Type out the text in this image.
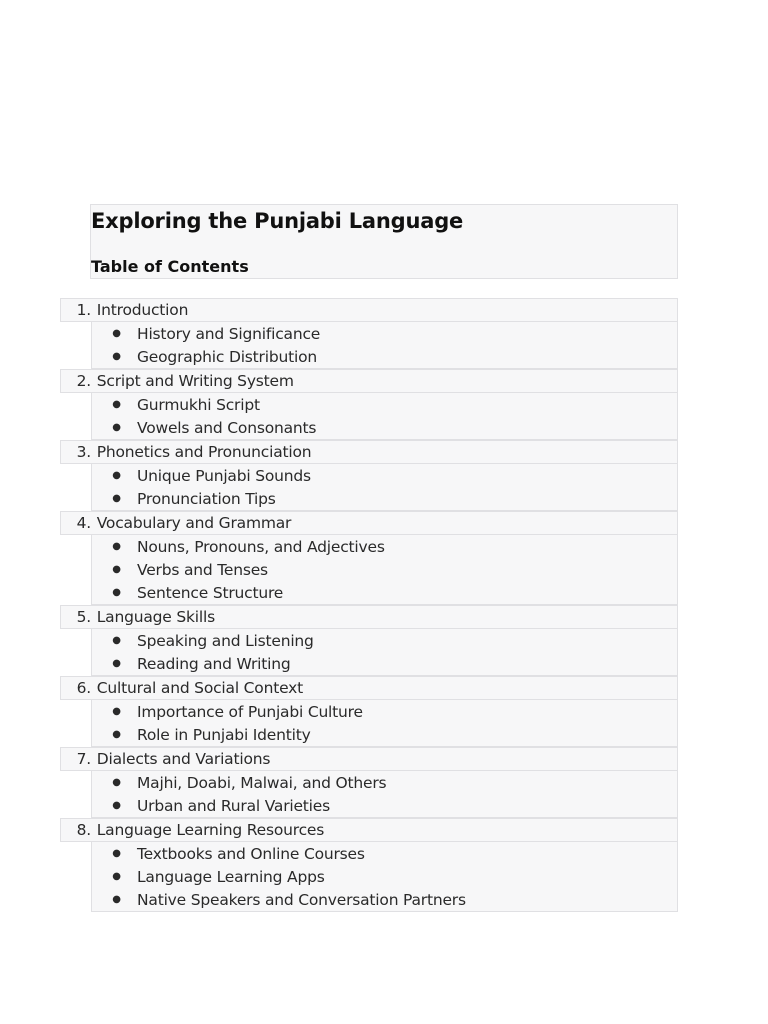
Exploring the Punjabi Language
Table of Contents
1.
Introduction
●	History and Significance
●	Geographic Distribution
2.
Script and Writing System
●	Gurmukhi Script
●	Vowels and Consonants
3.
Phonetics and Pronunciation
●	Unique Punjabi Sounds
●	Pronunciation Tips
4.
Vocabulary and Grammar
●	Nouns, Pronouns, and Adjectives
●	Verbs and Tenses
●	Sentence Structure
5.
Language Skills
●	Speaking and Listening
●	Reading and Writing
6.
Cultural and Social Context
●	Importance of Punjabi Culture
●	Role in Punjabi Identity
7.
Dialects and Variations
●	Majhi, Doabi, Malwai, and Others
●	Urban and Rural Varieties
8.
Language Learning Resources
●	Textbooks and Online Courses
●	Language Learning Apps
●	Native Speakers and Conversation Partners
